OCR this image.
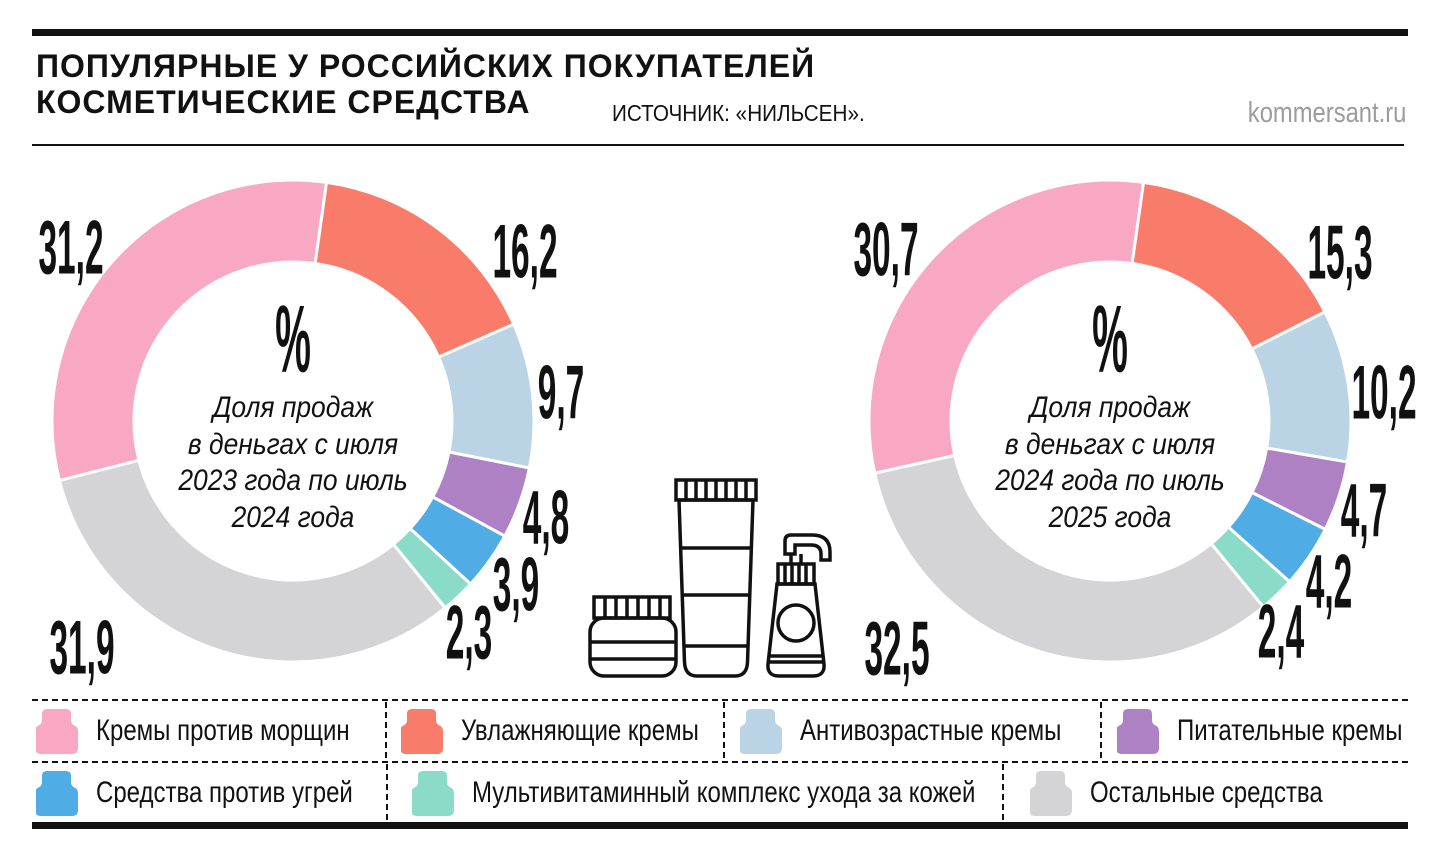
ПОПУЛЯРНЫЕ У РОССИЙСКИХ ПОКУПАТЕЛЕЙ
КОСМЕТИЧЕСКИЕ СРЕДСТВА	ИСТОЧНИК: «НИЛЬСЕН».	kommersant.ru
%
Доля продаж
в деньгах с июля
2023 года по июль
2024 года
31,2	16,2
9,7
4,8
3,9
2,3
31,9
%
Доля продаж
в деньгах с июля
2024 года по июль
2025 года
30,7	15,3
10,2
4,7
4,2
2,4
32,5
Кремы против морщин	Увлажняющие кремы	Антивозрастные кремы	Питательные кремы
Средства против угрей	Мультивитаминный комплекс ухода за кожей	Остальные средства
